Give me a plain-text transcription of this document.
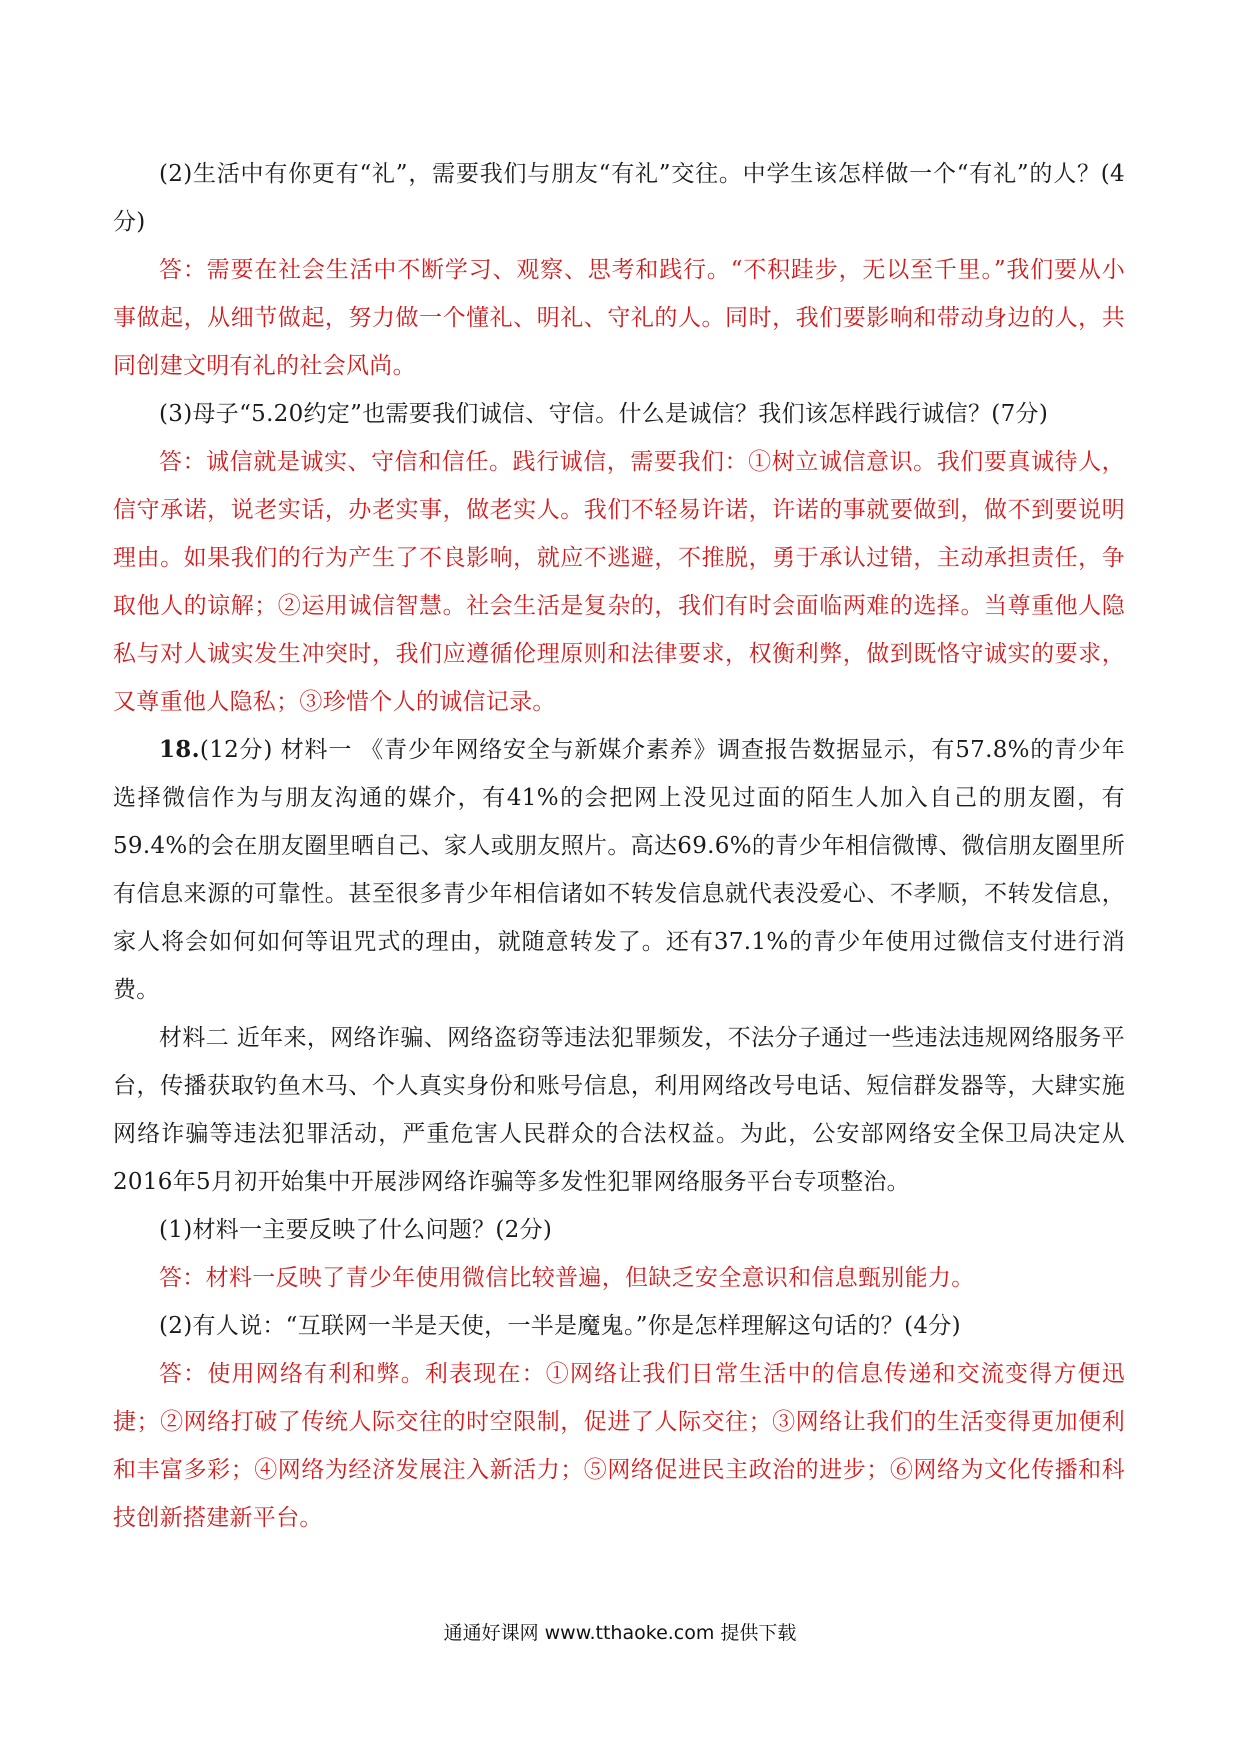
(2)生活中有你更有“礼”，需要我们与朋友“有礼”交往。中学生该怎样做一个“有礼”的人？(4分)

答：需要在社会生活中不断学习、观察、思考和践行。“不积跬步，无以至千里。”我们要从小事做起，从细节做起，努力做一个懂礼、明礼、守礼的人。同时，我们要影响和带动身边的人，共同创建文明有礼的社会风尚。

(3)母子“5.20约定”也需要我们诚信、守信。什么是诚信？我们该怎样践行诚信？(7分)

答：诚信就是诚实、守信和信任。践行诚信，需要我们：①树立诚信意识。我们要真诚待人，信守承诺，说老实话，办老实事，做老实人。我们不轻易许诺，许诺的事就要做到，做不到要说明理由。如果我们的行为产生了不良影响，就应不逃避，不推脱，勇于承认过错，主动承担责任，争取他人的谅解；②运用诚信智慧。社会生活是复杂的，我们有时会面临两难的选择。当尊重他人隐私与对人诚实发生冲突时，我们应遵循伦理原则和法律要求，权衡利弊，做到既恪守诚实的要求，又尊重他人隐私；③珍惜个人的诚信记录。

18.(12分) 材料一 《青少年网络安全与新媒介素养》调查报告数据显示，有57.8%的青少年选择微信作为与朋友沟通的媒介，有41%的会把网上没见过面的陌生人加入自己的朋友圈，有59.4%的会在朋友圈里晒自己、家人或朋友照片。高达69.6%的青少年相信微博、微信朋友圈里所有信息来源的可靠性。甚至很多青少年相信诸如不转发信息就代表没爱心、不孝顺，不转发信息，家人将会如何如何等诅咒式的理由，就随意转发了。还有37.1%的青少年使用过微信支付进行消费。

材料二 近年来，网络诈骗、网络盗窃等违法犯罪频发，不法分子通过一些违法违规网络服务平台，传播获取钓鱼木马、个人真实身份和账号信息，利用网络改号电话、短信群发器等，大肆实施网络诈骗等违法犯罪活动，严重危害人民群众的合法权益。为此，公安部网络安全保卫局决定从2016年5月初开始集中开展涉网络诈骗等多发性犯罪网络服务平台专项整治。

(1)材料一主要反映了什么问题？(2分)

答：材料一反映了青少年使用微信比较普遍，但缺乏安全意识和信息甄别能力。

(2)有人说：“互联网一半是天使，一半是魔鬼。”你是怎样理解这句话的？(4分)

答：使用网络有利和弊。利表现在：①网络让我们日常生活中的信息传递和交流变得方便迅捷；②网络打破了传统人际交往的时空限制，促进了人际交往；③网络让我们的生活变得更加便利和丰富多彩；④网络为经济发展注入新活力；⑤网络促进民主政治的进步；⑥网络为文化传播和科技创新搭建新平台。

通通好课网 www.tthaoke.com 提供下载
